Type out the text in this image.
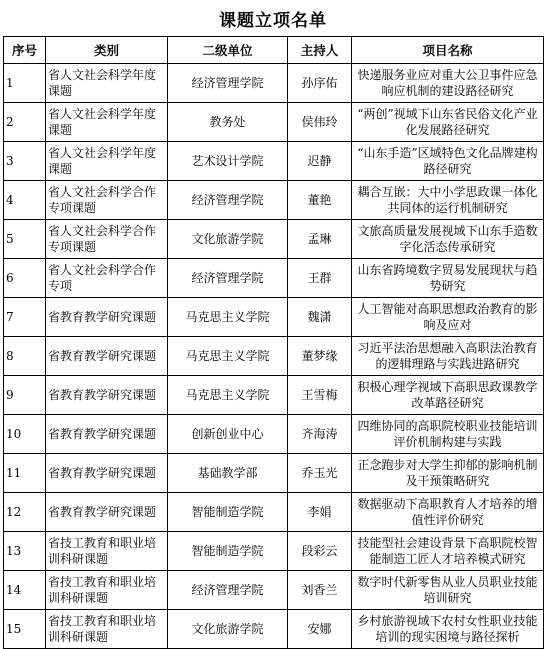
课题立项名单
序号	类别	二级单位	主持人	项目名称
1	省人文社会科学年度课题	经济管理学院	孙序佑	快递服务业应对重大公卫事件应急响应机制的建设路径研究
2	省人文社会科学年度课题	教务处	侯伟玲	“两创”视域下山东省民俗文化产业化发展路径研究
3	省人文社会科学年度课题	艺术设计学院	迟静	“山东手造”区域特色文化品牌建构路径研究
4	省人文社会科学合作专项课题	经济管理学院	董艳	耦合互嵌：大中小学思政课一体化共同体的运行机制研究
5	省人文社会科学合作专项课题	文化旅游学院	孟琳	文旅高质量发展视域下山东手造数字化活态传承研究
6	省人文社会科学合作专项	经济管理学院	王群	山东省跨境数字贸易发展现状与趋势研究
7	省教育教学研究课题	马克思主义学院	魏潇	人工智能对高职思想政治教育的影响及应对
8	省教育教学研究课题	马克思主义学院	董梦缘	习近平法治思想融入高职法治教育的逻辑理路与实践进路研究
9	省教育教学研究课题	马克思主义学院	王雪梅	积极心理学视域下高职思政课教学改革路径研究
10	省教育教学研究课题	创新创业中心	齐海涛	四维协同的高职院校职业技能培训评价机制构建与实践
11	省教育教学研究课题	基础教学部	乔玉光	正念跑步对大学生抑郁的影响机制及干预策略研究
12	省教育教学研究课题	智能制造学院	李娟	数据驱动下高职教育人才培养的增值性评价研究
13	省技工教育和职业培训科研课题	智能制造学院	段彩云	技能型社会建设背景下高职院校智能制造工匠人才培养模式研究
14	省技工教育和职业培训科研课题	经济管理学院	刘香兰	数字时代新零售从业人员职业技能培训研究
15	省技工教育和职业培训科研课题	文化旅游学院	安娜	乡村旅游视域下农村女性职业技能培训的现实困境与路径探析
